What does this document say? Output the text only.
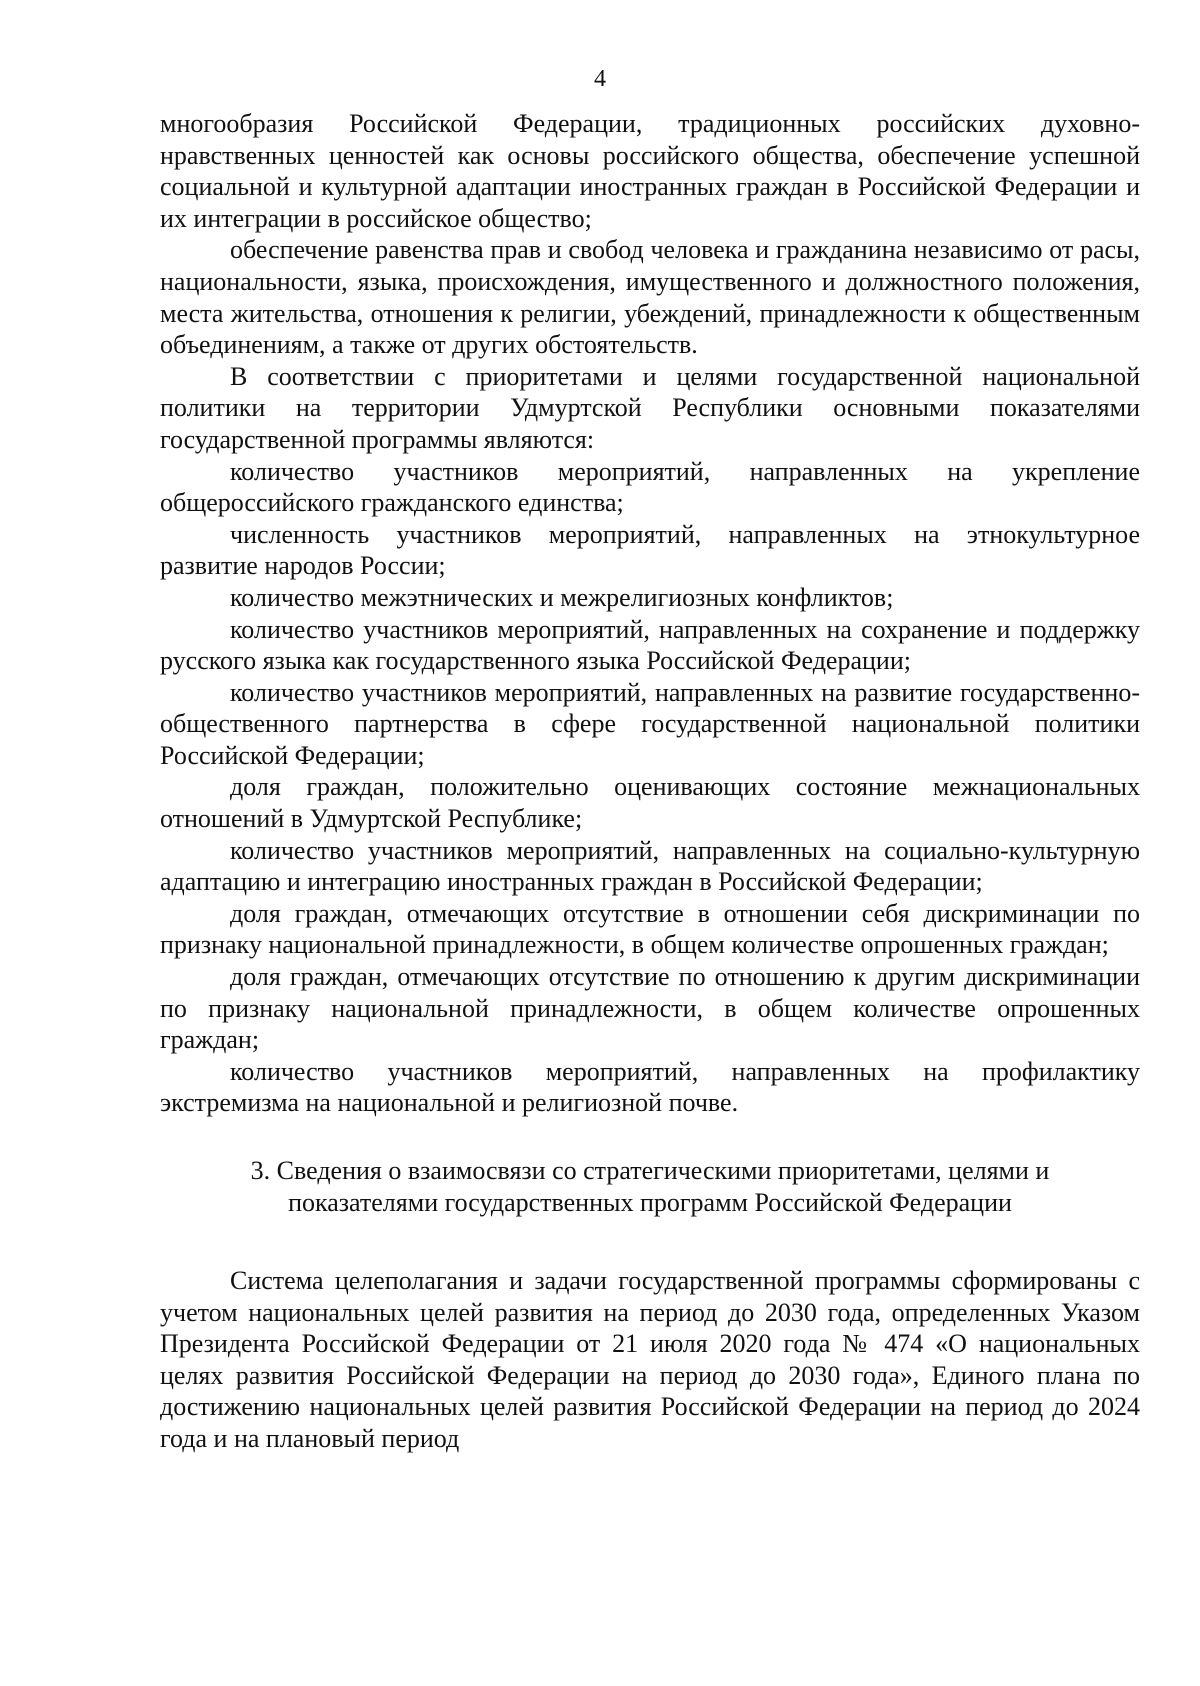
4

многообразия Российской Федерации, традиционных российских духовно-нравственных ценностей как основы российского общества, обеспечение успешной социальной и культурной адаптации иностранных граждан в Российской Федерации и их интеграции в российское общество;

обеспечение равенства прав и свобод человека и гражданина независимо от расы, национальности, языка, происхождения, имущественного и должностного положения, места жительства, отношения к религии, убеждений, принадлежности к общественным объединениям, а также от других обстоятельств.

В соответствии с приоритетами и целями государственной национальной политики на территории Удмуртской Республики основными показателями государственной программы являются:

количество участников мероприятий, направленных на укрепление общероссийского гражданского единства;

численность участников мероприятий, направленных на этнокультурное развитие народов России;

количество межэтнических и межрелигиозных конфликтов;

количество участников мероприятий, направленных на сохранение и поддержку русского языка как государственного языка Российской Федерации;

количество участников мероприятий, направленных на развитие государственно-общественного партнерства в сфере государственной национальной политики Российской Федерации;

доля граждан, положительно оценивающих состояние межнациональных отношений в Удмуртской Республике;

количество участников мероприятий, направленных на социально-культурную адаптацию и интеграцию иностранных граждан в Российской Федерации;

доля граждан, отмечающих отсутствие в отношении себя дискриминации по признаку национальной принадлежности, в общем количестве опрошенных граждан;

доля граждан, отмечающих отсутствие по отношению к другим дискриминации по признаку национальной принадлежности, в общем количестве опрошенных граждан;

количество участников мероприятий, направленных на профилактику экстремизма на национальной и религиозной почве.

3. Сведения о взаимосвязи со стратегическими приоритетами, целями и
показателями государственных программ Российской Федерации

Система целеполагания и задачи государственной программы сформированы с учетом национальных целей развития на период до 2030 года, определенных Указом Президента Российской Федерации от 21 июля 2020 года № 474 «О национальных целях развития Российской Федерации на период до 2030 года», Единого плана по достижению национальных целей развития Российской Федерации на период до 2024 года и на плановый период
